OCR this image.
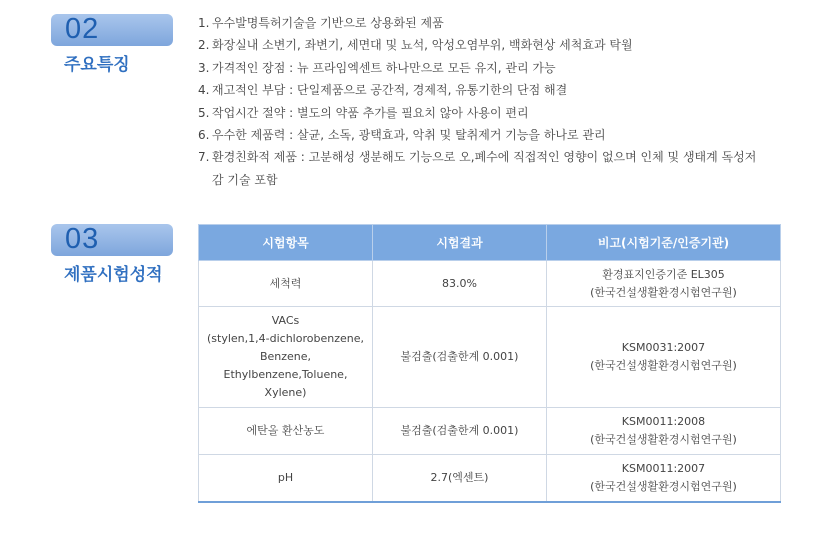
02
주요특징
1. 우수발명특허기술을 기반으로 상용화된 제품
2. 화장실내 소변기, 좌변기, 세면대 및 뇨석, 악성오염부위, 백화현상 세척효과 탁월
3. 가격적인 장점 : 뉴 프라임엑센트 하나만으로 모든 유지, 관리 가능
4. 재고적인 부담 : 단일제품으로 공간적, 경제적, 유통기한의 단점 해결
5. 작업시간 절약 : 별도의 약품 추가를 필요치 않아 사용이 편리
6. 우수한 제품력 : 살균, 소독, 광택효과, 악취 및 탈취제거 기능을 하나로 관리
7. 환경친화적 제품 : 고분해성 생분해도 기능으로 오,폐수에 직접적인 영향이 없으며 인체 및 생태계 독성저
감 기술 포함
03
제품시험성적
시험항목	시험결과	비고(시험기준/인증기관)
세척력	83.0%	환경표지인증기준 EL305
(한국건설생활환경시험연구원)
VACs
(stylen,1,4-dichlorobenzene,
Benzene,
Ethylbenzene,Toluene,
Xylene)	불검출(검출한계 0.001)	KSM0031:2007
(한국건설생활환경시험연구원)
에탄올 환산농도	불검출(검출한계 0.001)	KSM0011:2008
(한국건설생활환경시험연구원)
pH	2.7(엑센트)	KSM0011:2007
(한국건설생활환경시험연구원)
